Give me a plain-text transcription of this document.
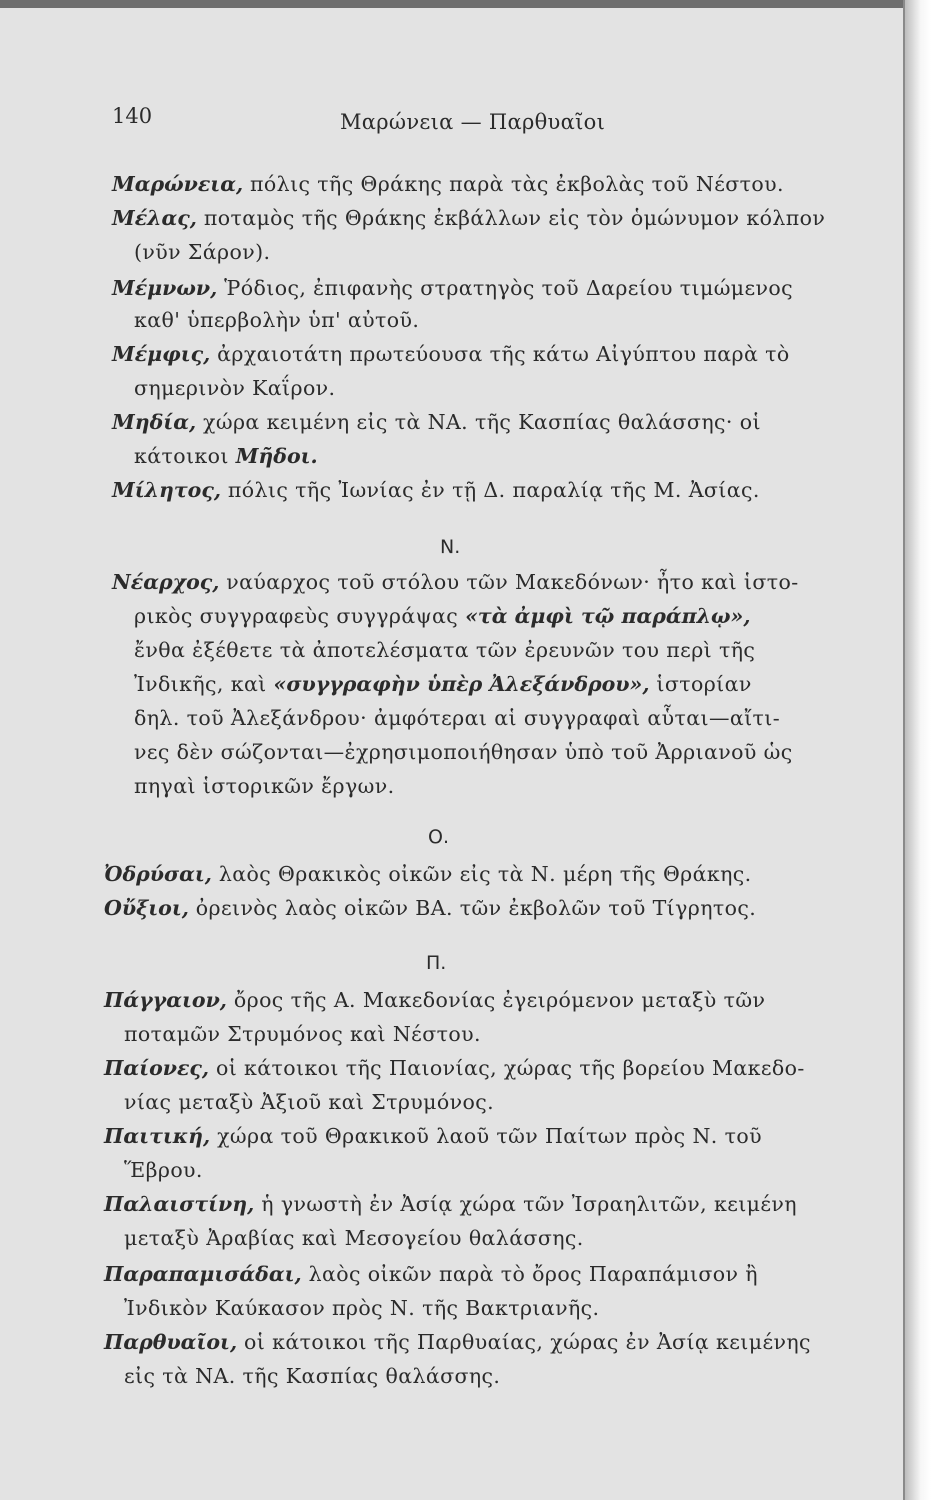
140	Μαρώνεια — Παρθυαῖοι
Μαρώνεια, πόλις τῆς Θράκης παρὰ τὰς ἐκβολὰς τοῦ Νέστου.
Μέλας, ποταμὸς τῆς Θράκης ἐκβάλλων εἰς τὸν ὁμώνυμον κόλπον
(νῦν Σάρον).
Μέμνων, Ῥόδιος, ἐπιφανὴς στρατηγὸς τοῦ Δαρείου τιμώμενος
καθ' ὑπερβολὴν ὑπ' αὐτοῦ.
Μέμφις, ἀρχαιοτάτη πρωτεύουσα τῆς κάτω Αἰγύπτου παρὰ τὸ
σημερινὸν Καΐρον.
Μηδία, χώρα κειμένη εἰς τὰ ΝΑ. τῆς Κασπίας θαλάσσης· οἱ
κάτοικοι Μῆδοι.
Μίλητος, πόλις τῆς Ἰωνίας ἐν τῇ Δ. παραλίᾳ τῆς Μ. Ἀσίας.
Ν.
Νέαρχος, ναύαρχος τοῦ στόλου τῶν Μακεδόνων· ἦτο καὶ ἱστο-
ρικὸς συγγραφεὺς συγγράψας «τὰ ἀμφὶ τῷ παράπλῳ»,
ἔνθα ἐξέθετε τὰ ἀποτελέσματα τῶν ἐρευνῶν του περὶ τῆς
Ἰνδικῆς, καὶ «συγγραφὴν ὑπὲρ Ἀλεξάνδρου», ἱστορίαν
δηλ. τοῦ Ἀλεξάνδρου· ἀμφότεραι αἱ συγγραφαὶ αὗται—αἴτι-
νες δὲν σώζονται—ἐχρησιμοποιήθησαν ὑπὸ τοῦ Ἀρριανοῦ ὡς
πηγαὶ ἱστορικῶν ἔργων.
Ο.
Ὀδρύσαι, λαὸς Θρακικὸς οἰκῶν εἰς τὰ Ν. μέρη τῆς Θράκης.
Οὔξιοι, ὀρεινὸς λαὸς οἰκῶν ΒΑ. τῶν ἐκβολῶν τοῦ Τίγρητος.
Π.
Πάγγαιον, ὄρος τῆς Α. Μακεδονίας ἐγειρόμενον μεταξὺ τῶν
ποταμῶν Στρυμόνος καὶ Νέστου.
Παίονες, οἱ κάτοικοι τῆς Παιονίας, χώρας τῆς βορείου Μακεδο-
νίας μεταξὺ Ἀξιοῦ καὶ Στρυμόνος.
Παιτική, χώρα τοῦ Θρακικοῦ λαοῦ τῶν Παίτων πρὸς Ν. τοῦ
Ἕβρου.
Παλαιστίνη, ἡ γνωστὴ ἐν Ἀσίᾳ χώρα τῶν Ἰσραηλιτῶν, κειμένη
μεταξὺ Ἀραβίας καὶ Μεσογείου θαλάσσης.
Παραπαμισάδαι, λαὸς οἰκῶν παρὰ τὸ ὄρος Παραπάμισον ἢ
Ἰνδικὸν Καύκασον πρὸς Ν. τῆς Βακτριανῆς.
Παρθυαῖοι, οἱ κάτοικοι τῆς Παρθυαίας, χώρας ἐν Ἀσίᾳ κειμένης
εἰς τὰ ΝΑ. τῆς Κασπίας θαλάσσης.
